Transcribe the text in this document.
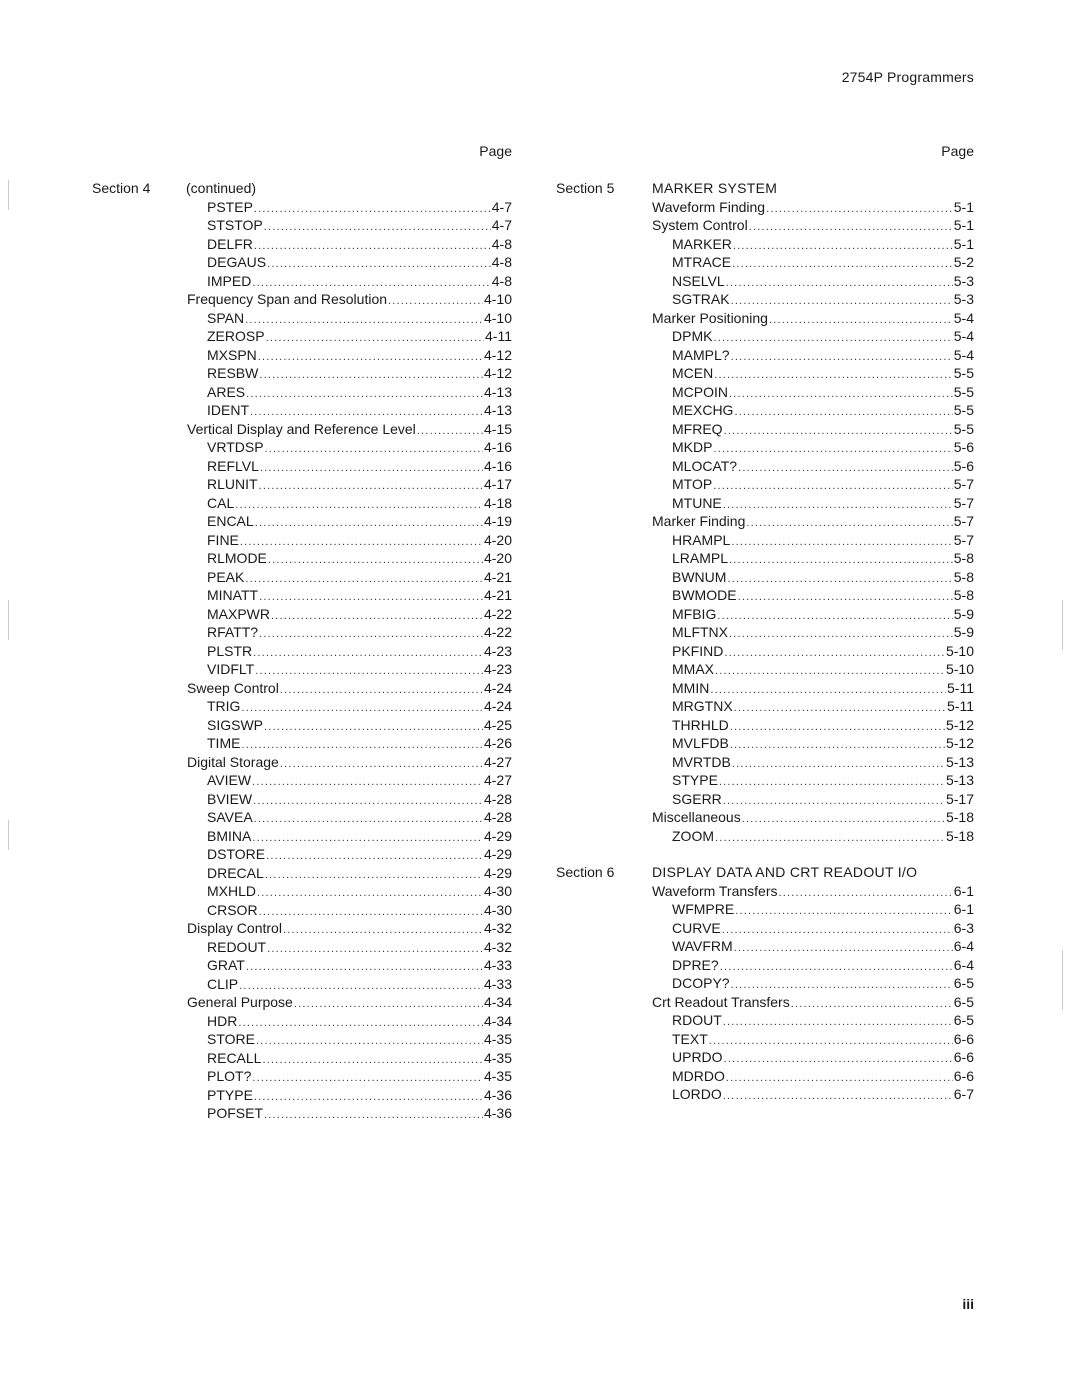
2754P Programmers
Page
Section 4	(continued)
PSTEP .....	4-7
STSTOP .....	4-7
DELFR .....	4-8
DEGAUS .....	4-8
IMPED .....	4-8
Frequency Span and Resolution .....	4-10
SPAN .....	4-10
ZEROSP .....	4-11
MXSPN .....	4-12
RESBW .....	4-12
ARES .....	4-13
IDENT .....	4-13
Vertical Display and Reference Level .....	4-15
VRTDSP .....	4-16
REFLVL .....	4-16
RLUNIT .....	4-17
CAL .....	4-18
ENCAL .....	4-19
FINE .....	4-20
RLMODE .....	4-20
PEAK .....	4-21
MINATT .....	4-21
MAXPWR .....	4-22
RFATT? .....	4-22
PLSTR .....	4-23
VIDFLT .....	4-23
Sweep Control .....	4-24
TRIG .....	4-24
SIGSWP .....	4-25
TIME .....	4-26
Digital Storage .....	4-27
AVIEW .....	4-27
BVIEW .....	4-28
SAVEA .....	4-28
BMINA .....	4-29
DSTORE .....	4-29
DRECAL .....	4-29
MXHLD .....	4-30
CRSOR .....	4-30
Display Control .....	4-32
REDOUT .....	4-32
GRAT .....	4-33
CLIP .....	4-33
General Purpose .....	4-34
HDR .....	4-34
STORE .....	4-35
RECALL .....	4-35
PLOT? .....	4-35
PTYPE .....	4-36
POFSET .....	4-36
Page
Section 5	MARKER SYSTEM
Waveform Finding .....	5-1
System Control .....	5-1
MARKER .....	5-1
MTRACE .....	5-2
NSELVL .....	5-3
SGTRAK .....	5-3
Marker Positioning .....	5-4
DPMK .....	5-4
MAMPL? .....	5-4
MCEN .....	5-5
MCPOIN .....	5-5
MEXCHG .....	5-5
MFREQ .....	5-5
MKDP .....	5-6
MLOCAT? .....	5-6
MTOP .....	5-7
MTUNE .....	5-7
Marker Finding .....	5-7
HRAMPL .....	5-7
LRAMPL .....	5-8
BWNUM .....	5-8
BWMODE .....	5-8
MFBIG .....	5-9
MLFTNX .....	5-9
PKFIND .....	5-10
MMAX .....	5-10
MMIN .....	5-11
MRGTNX .....	5-11
THRHLD .....	5-12
MVLFDB .....	5-12
MVRTDB .....	5-13
STYPE .....	5-13
SGERR .....	5-17
Miscellaneous .....	5-18
ZOOM .....	5-18
Section 6	DISPLAY DATA AND CRT READOUT I/O
Waveform Transfers .....	6-1
WFMPRE .....	6-1
CURVE .....	6-3
WAVFRM .....	6-4
DPRE? .....	6-4
DCOPY? .....	6-5
Crt Readout Transfers .....	6-5
RDOUT .....	6-5
TEXT .....	6-6
UPRDO .....	6-6
MDRDO .....	6-6
LORDO .....	6-7
iii
